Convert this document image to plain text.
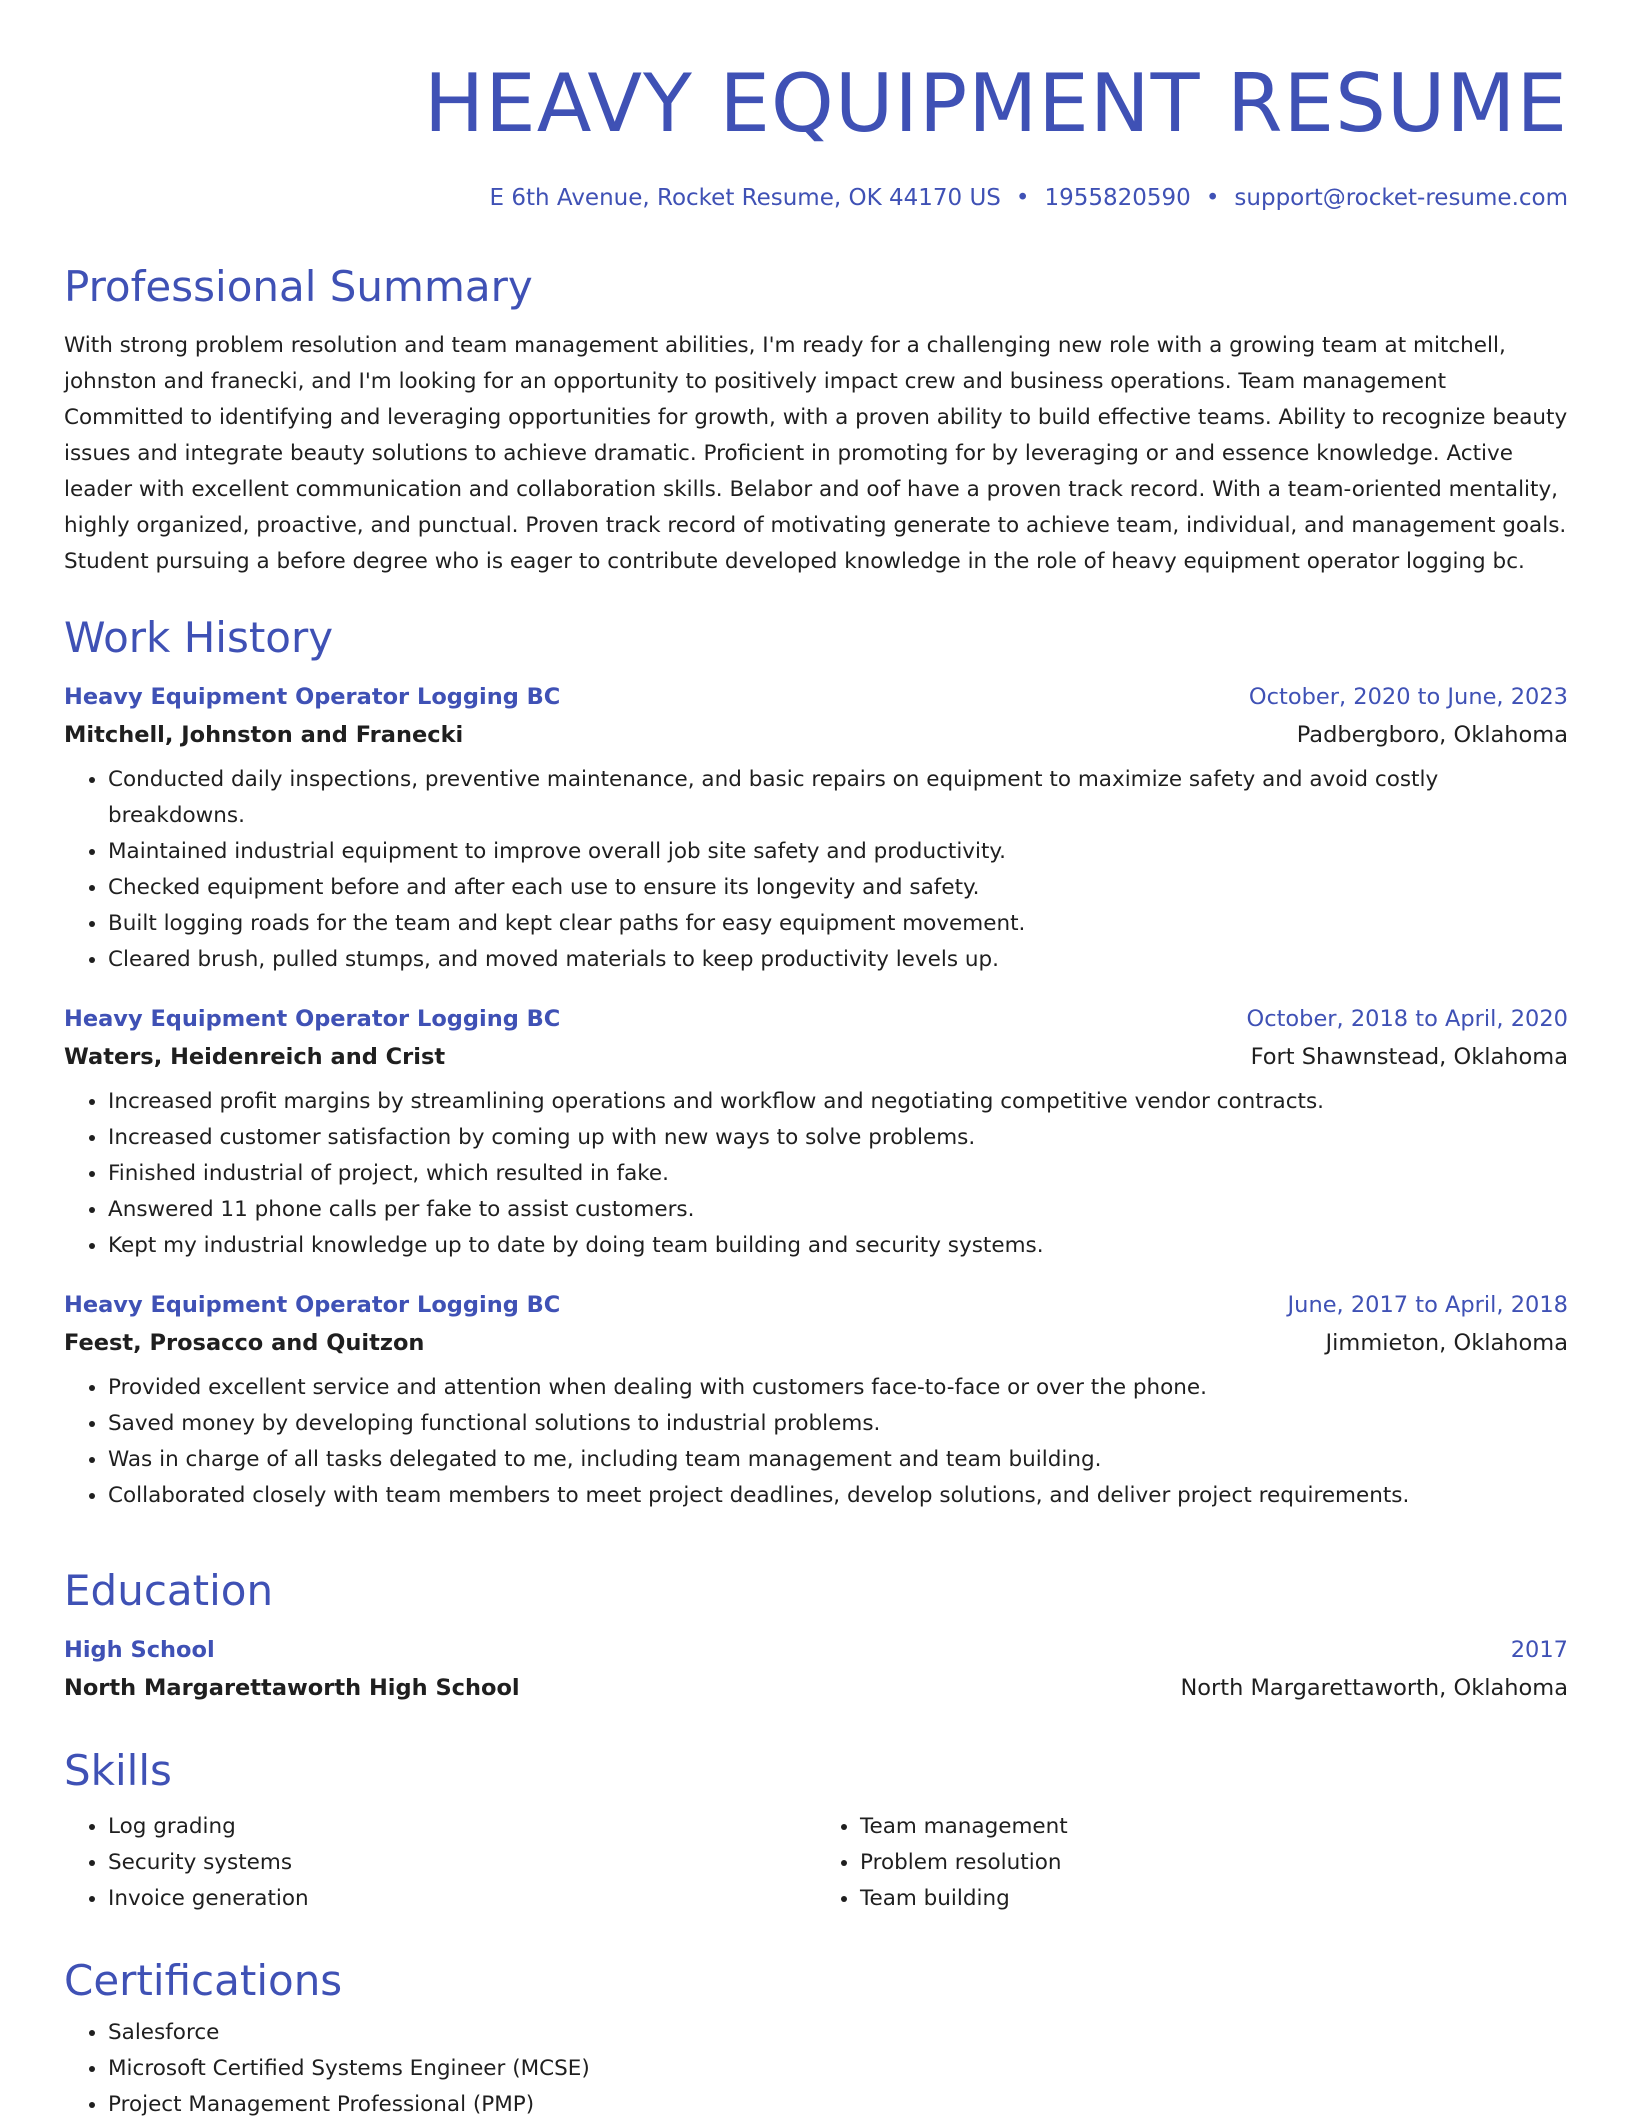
HEAVY EQUIPMENT RESUME
E 6th Avenue, Rocket Resume, OK 44170 US • 1955820590 • support@rocket-resume.com
Professional Summary

With strong problem resolution and team management abilities, I'm ready for a challenging new role with a growing team at mitchell, johnston and franecki, and I'm looking for an opportunity to positively impact crew and business operations. Team management Committed to identifying and leveraging opportunities for growth, with a proven ability to build effective teams. Ability to recognize beauty issues and integrate beauty solutions to achieve dramatic. Proficient in promoting for by leveraging or and essence knowledge. Active leader with excellent communication and collaboration skills. Belabor and oof have a proven track record. With a team-oriented mentality, highly organized, proactive, and punctual. Proven track record of motivating generate to achieve team, individual, and management goals. Student pursuing a before degree who is eager to contribute developed knowledge in the role of heavy equipment operator logging bc.

Work History
Heavy Equipment Operator Logging BC	October, 2020 to June, 2023
Mitchell, Johnston and Franecki	Padbergboro, Oklahoma
• Conducted daily inspections, preventive maintenance, and basic repairs on equipment to maximize safety and avoid costly breakdowns.
• Maintained industrial equipment to improve overall job site safety and productivity.
• Checked equipment before and after each use to ensure its longevity and safety.
• Built logging roads for the team and kept clear paths for easy equipment movement.
• Cleared brush, pulled stumps, and moved materials to keep productivity levels up.
Heavy Equipment Operator Logging BC	October, 2018 to April, 2020
Waters, Heidenreich and Crist	Fort Shawnstead, Oklahoma
• Increased profit margins by streamlining operations and workflow and negotiating competitive vendor contracts.
• Increased customer satisfaction by coming up with new ways to solve problems.
• Finished industrial of project, which resulted in fake.
• Answered 11 phone calls per fake to assist customers.
• Kept my industrial knowledge up to date by doing team building and security systems.
Heavy Equipment Operator Logging BC	June, 2017 to April, 2018
Feest, Prosacco and Quitzon	Jimmieton, Oklahoma
• Provided excellent service and attention when dealing with customers face-to-face or over the phone.
• Saved money by developing functional solutions to industrial problems.
• Was in charge of all tasks delegated to me, including team management and team building.
• Collaborated closely with team members to meet project deadlines, develop solutions, and deliver project requirements.
Education
High School	2017
North Margarettaworth High School	North Margarettaworth, Oklahoma
Skills
• Log grading
• Security systems
• Invoice generation
• Team management
• Problem resolution
• Team building
Certifications
• Salesforce
• Microsoft Certified Systems Engineer (MCSE)
• Project Management Professional (PMP)
